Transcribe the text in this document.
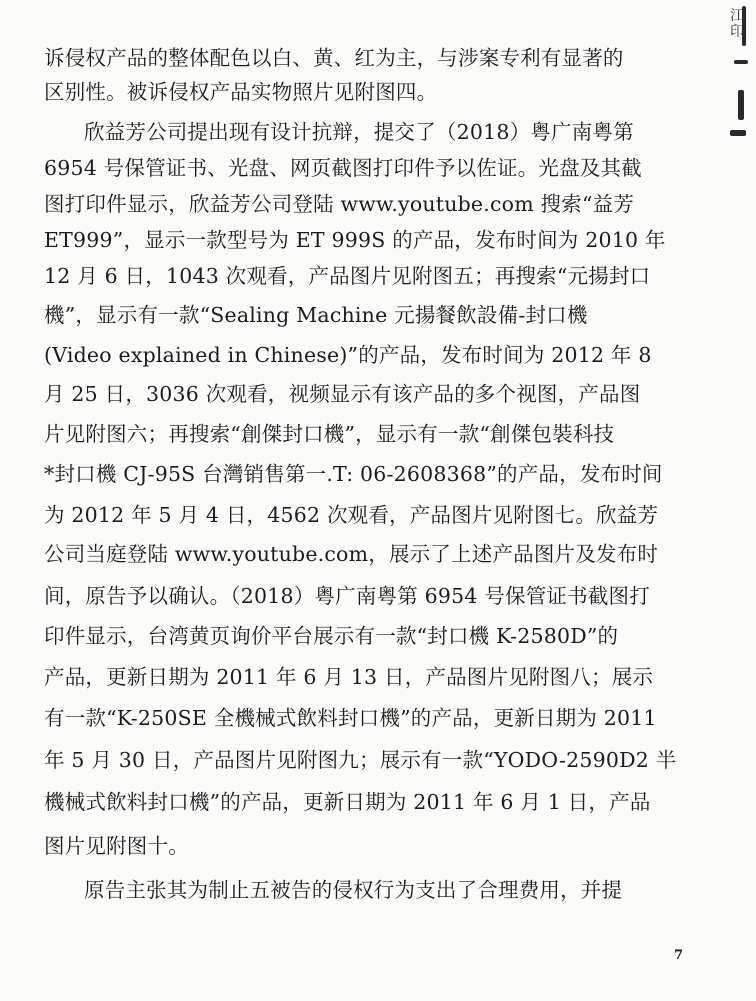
诉侵权产品的整体配色以白、黄、红为主，与涉案专利有显著的
区别性。被诉侵权产品实物照片见附图四。
欣益芳公司提出现有设计抗辩，提交了（2018）粤广南粤第
6954 号保管证书、光盘、网页截图打印件予以佐证。光盘及其截
图打印件显示，欣益芳公司登陆 www.youtube.com 搜索“益芳
ET999”，显示一款型号为 ET 999S 的产品，发布时间为 2010 年
12 月 6 日，1043 次观看，产品图片见附图五；再搜索“元揚封口
機”，显示有一款“Sealing Machine 元揚餐飲設備-封口機
(Video explained in Chinese)”的产品，发布时间为 2012 年 8
月 25 日，3036 次观看，视频显示有该产品的多个视图，产品图
片见附图六；再搜索“創傑封口機”，显示有一款“創傑包裝科技
*封口機 CJ-95S 台灣销售第一.T: 06-2608368”的产品，发布时间
为 2012 年 5 月 4 日，4562 次观看，产品图片见附图七。欣益芳
公司当庭登陆 www.youtube.com，展示了上述产品图片及发布时
间，原告予以确认。（2018）粤广南粤第 6954 号保管证书截图打
印件显示，台湾黄页询价平台展示有一款“封口機 K-2580D”的
产品，更新日期为 2011 年 6 月 13 日，产品图片见附图八；展示
有一款“K-250SE 全機械式飲料封口機”的产品，更新日期为 2011
年 5 月 30 日，产品图片见附图九；展示有一款“YODO-2590D2 半
機械式飲料封口機”的产品，更新日期为 2011 年 6 月 1 日，产品
图片见附图十。
原告主张其为制止五被告的侵权行为支出了合理费用，并提
7
江印
